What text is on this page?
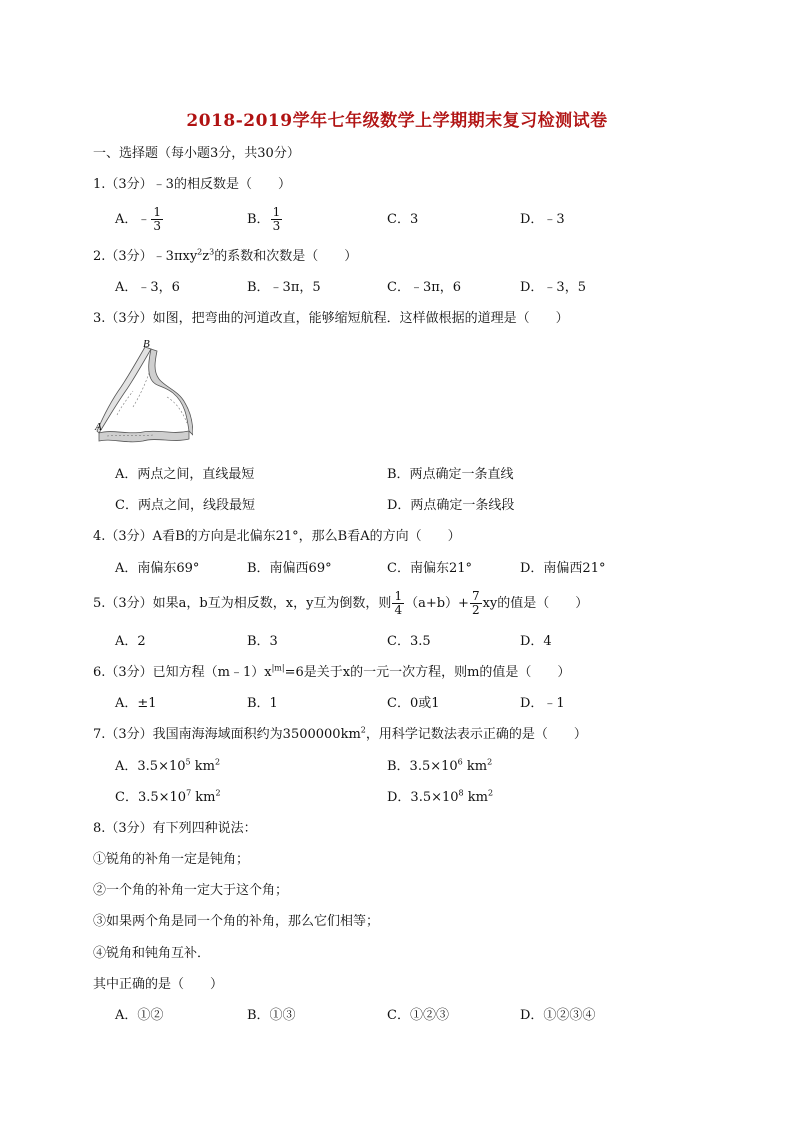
2018-2019学年七年级数学上学期期末复习检测试卷
一、选择题（每小题3分，共30分）
1.（3分）﹣3的相反数是（　　）
A．﹣ $\frac{1}{3}$	B． $\frac{1}{3}$	C．3	D．﹣3
2.（3分）$﹣3\pi xy^2z^3$的系数和次数是（　　）
A．﹣3，6	B．﹣3π，5	C．﹣3π，6	D．﹣3，5
3.（3分）如图，把弯曲的河道改直，能够缩短航程．这样做根据的道理是（　　）
B
A
A．两点之间，直线最短	B．两点确定一条直线
C．两点之间，线段最短	D．两点确定一条线段
4.（3分）A看B的方向是北偏东21°，那么B看A的方向（　　）
A．南偏东69°	B．南偏西69°	C．南偏东21°	D．南偏西21°
5.（3分）如果a，b互为相反数，x，y互为倒数，则 $\frac{1}{4} (a+b)+ \frac{7}{2}$ xy的值是（　　）
A．2	B．3	C．3.5	D．4
6.（3分）已知方程$(m﹣1)x^{|m|}=6$是关于x的一元一次方程，则m的值是（　　）
A．±1	B．1	C．0或1	D．﹣1
7.（3分）我国南海海域面积约为$3500000km^2$，用科学记数法表示正确的是（　　）
A．$3.5\times 10^5$ $km^2$	B．$3.5\times 10^6$ $km^2$
C．$3.5\times 10^7$ $km^2$	D．$3.5\times 10^8$ $km^2$
8.（3分）有下列四种说法：
①锐角的补角一定是钝角；
②一个角的补角一定大于这个角；
③如果两个角是同一个角的补角，那么它们相等；
④锐角和钝角互补．
其中正确的是（　　）
A．①②	B．①③	C．①②③	D．①②③④
